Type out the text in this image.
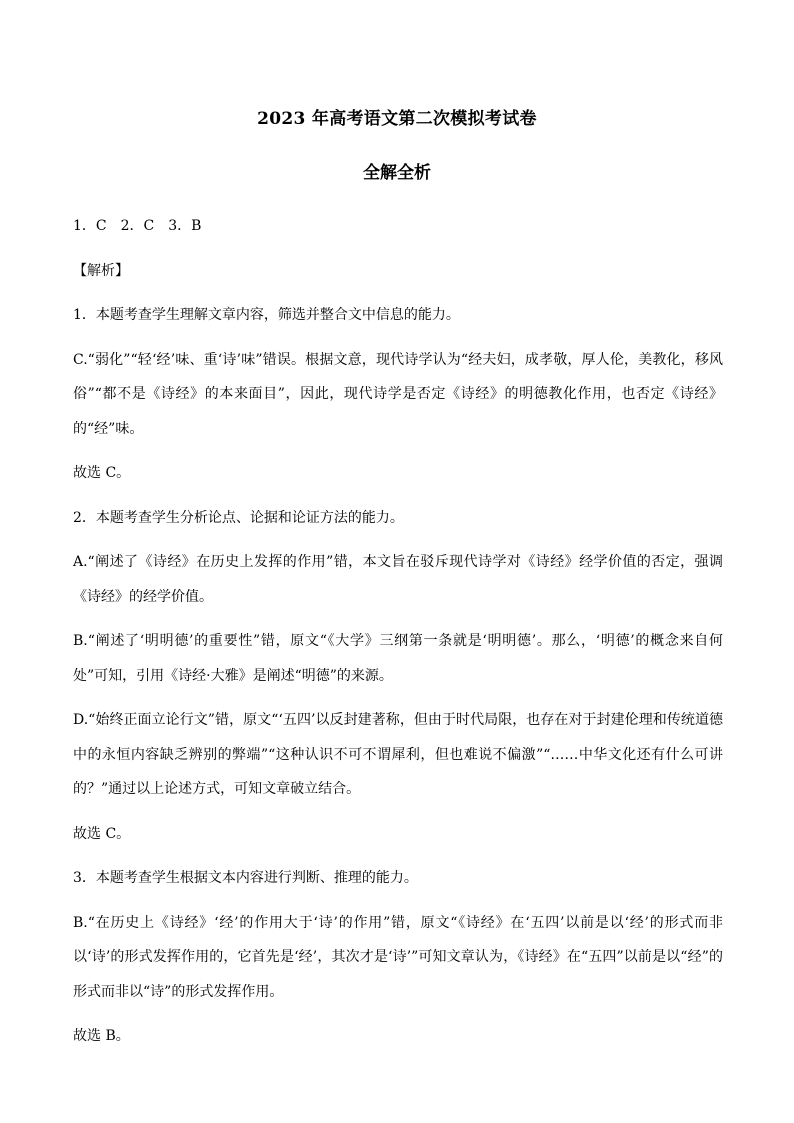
2023 年高考语文第二次模拟考试卷
全解全析

1．C　2．C　3．B

【解析】

1．本题考查学生理解文章内容，筛选并整合文中信息的能力。

C.“弱化”“轻‘经’味、重‘诗’味”错误。根据文意，现代诗学认为“经夫妇，成孝敬，厚人伦，美教化，移风俗”“都不是《诗经》的本来面目”，因此，现代诗学是否定《诗经》的明德教化作用，也否定《诗经》的“经”味。

故选 C。

2．本题考查学生分析论点、论据和论证方法的能力。

A.“阐述了《诗经》在历史上发挥的作用”错，本文旨在驳斥现代诗学对《诗经》经学价值的否定，强调《诗经》的经学价值。

B.“阐述了‘明明德’的重要性”错，原文“《大学》三纲第一条就是‘明明德’。那么，‘明德’的概念来自何处”可知，引用《诗经·大雅》是阐述“明德”的来源。

D.“始终正面立论行文”错，原文“‘五四’以反封建著称，但由于时代局限，也存在对于封建伦理和传统道德中的永恒内容缺乏辨别的弊端”“这种认识不可不谓犀利，但也难说不偏激”“……中华文化还有什么可讲的？”通过以上论述方式，可知文章破立结合。

故选 C。

3．本题考查学生根据文本内容进行判断、推理的能力。

B.“在历史上《诗经》‘经’的作用大于‘诗’的作用”错，原文“《诗经》在‘五四’以前是以‘经’的形式而非以‘诗’的形式发挥作用的，它首先是‘经’，其次才是‘诗’”可知文章认为，《诗经》在“五四”以前是以“经”的形式而非以“诗”的形式发挥作用。

故选 B。
